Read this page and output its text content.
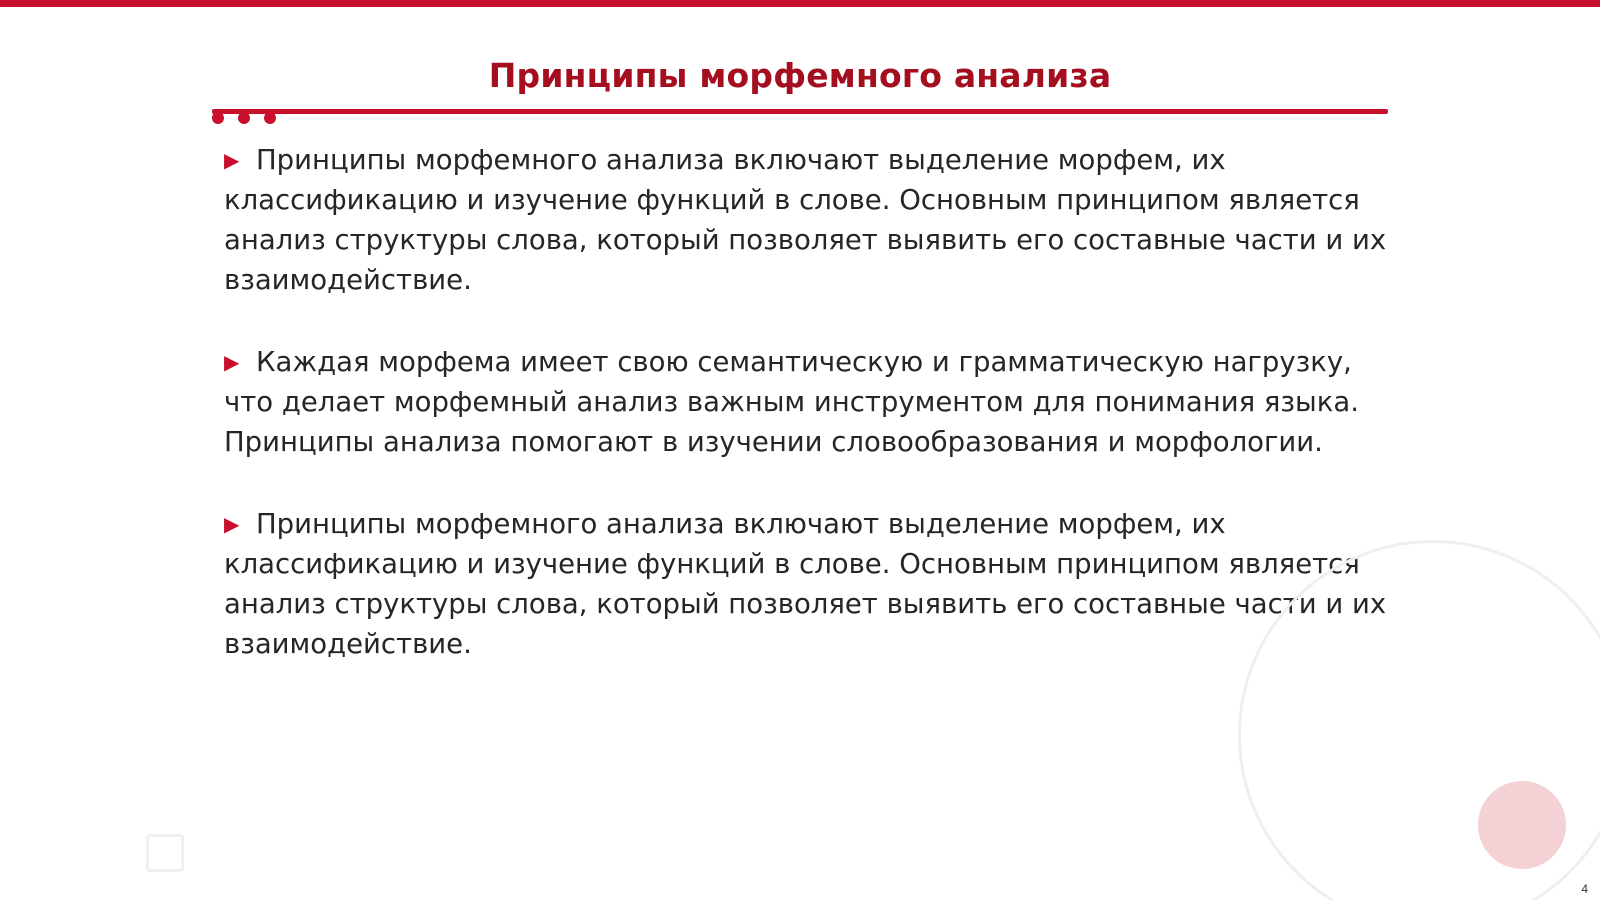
Принципы морфемного анализа

▶ Принципы морфемного анализа включают выделение морфем, их классификацию и изучение функций в слове. Основным принципом является анализ структуры слова, который позволяет выявить его составные части и их взаимодействие.

▶ Каждая морфема имеет свою семантическую и грамматическую нагрузку, что делает морфемный анализ важным инструментом для понимания языка. Принципы анализа помогают в изучении словообразования и морфологии.

▶ Принципы морфемного анализа включают выделение морфем, их классификацию и изучение функций в слове. Основным принципом является анализ структуры слова, который позволяет выявить его составные части и их взаимодействие.

4
